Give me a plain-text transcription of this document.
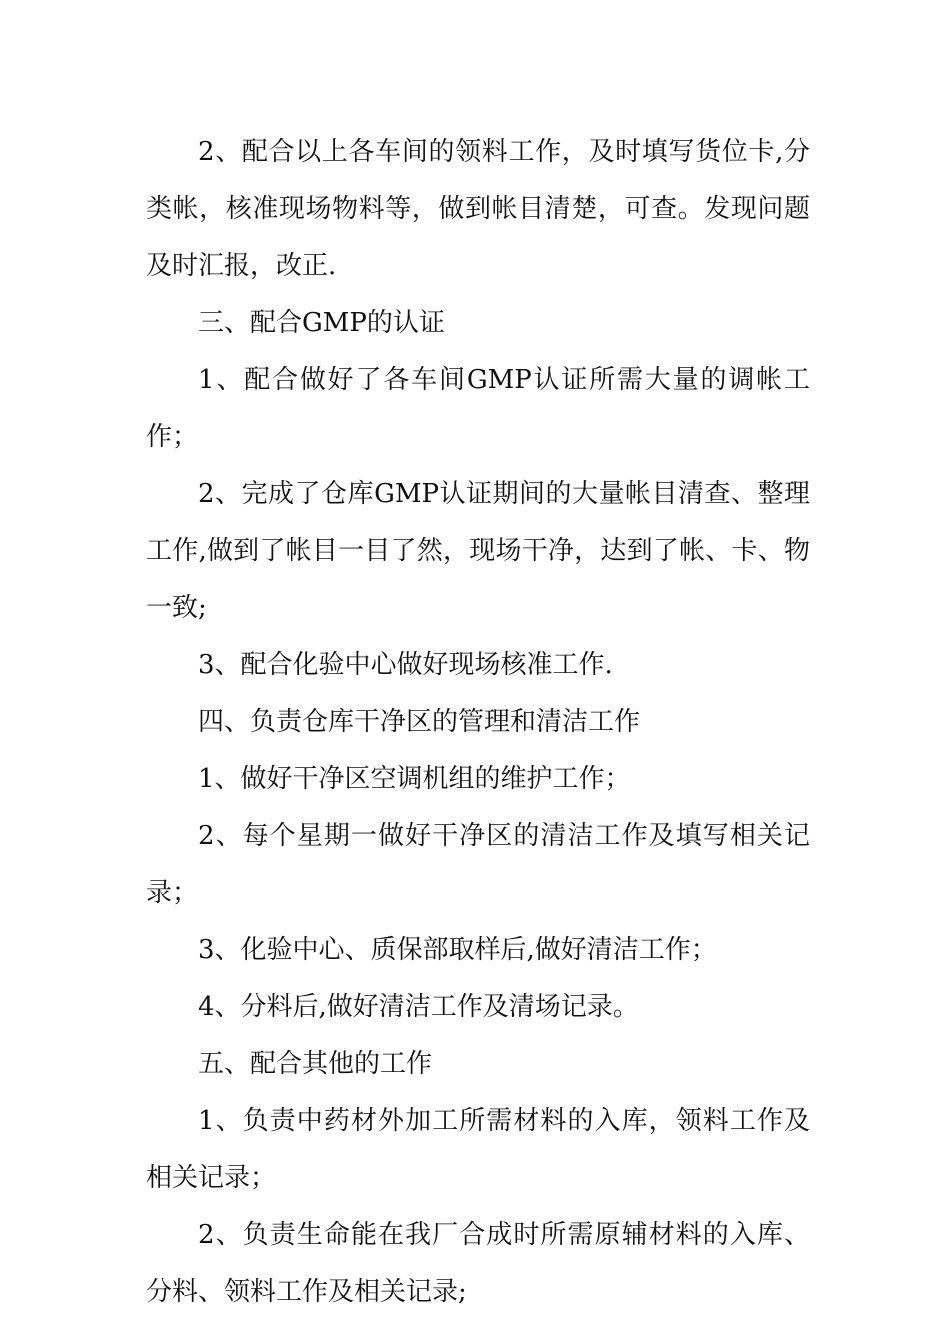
2、配合以上各车间的领料工作，及时填写货位卡,分类帐，核准现场物料等，做到帐目清楚，可查。发现问题及时汇报，改正.

三、配合GMP的认证

1、配合做好了各车间GMP认证所需大量的调帐工作；

2、完成了仓库GMP认证期间的大量帐目清查、整理工作,做到了帐目一目了然，现场干净，达到了帐、卡、物一致;

3、配合化验中心做好现场核准工作.

四、负责仓库干净区的管理和清洁工作

1、做好干净区空调机组的维护工作；

2、每个星期一做好干净区的清洁工作及填写相关记录；

3、化验中心、质保部取样后,做好清洁工作；

4、分料后,做好清洁工作及清场记录。

五、配合其他的工作

1、负责中药材外加工所需材料的入库，领料工作及相关记录；

2、负责生命能在我厂合成时所需原辅材料的入库、分料、领料工作及相关记录;
